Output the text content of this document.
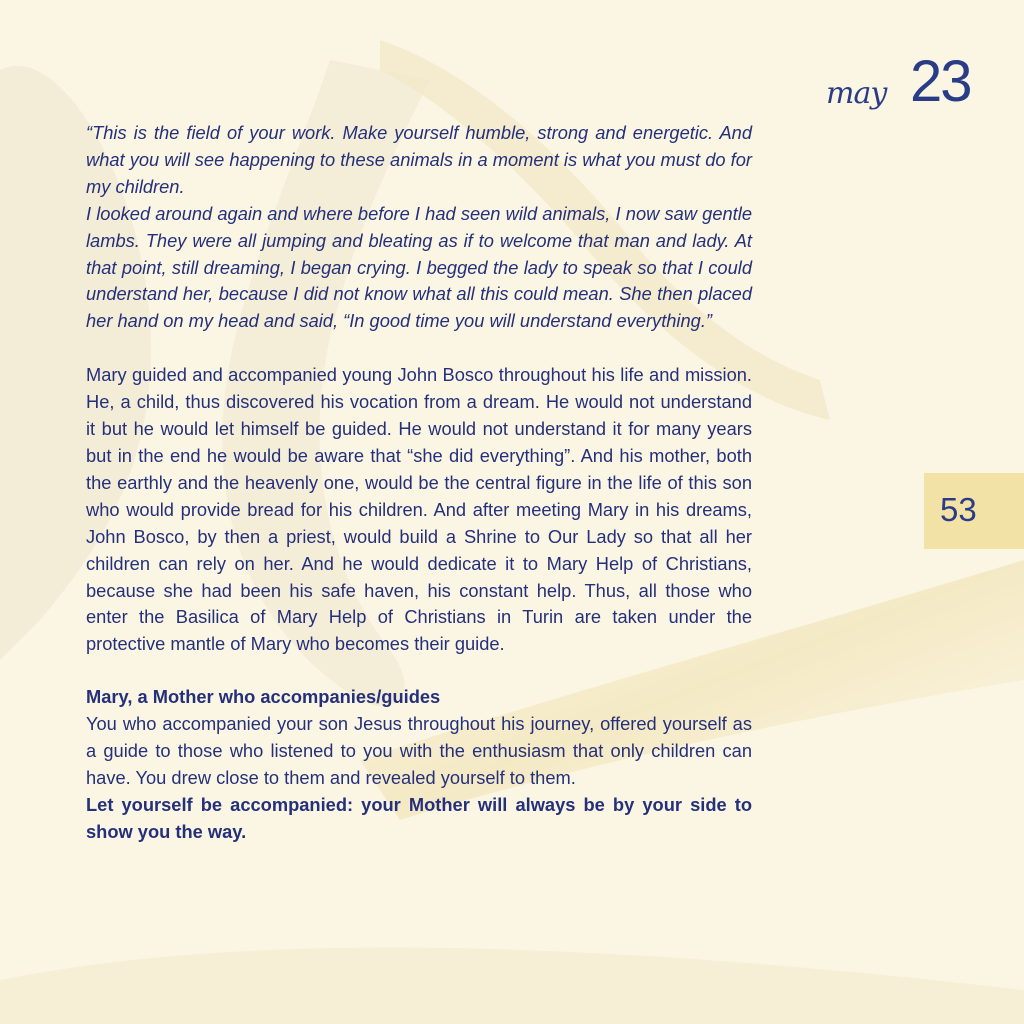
may 23
53

“This is the field of your work. Make yourself humble, strong and energetic. And what you will see happening to these animals in a moment is what you must do for my children.

I looked around again and where before I had seen wild animals, I now saw gentle lambs. They were all jumping and bleating as if to welcome that man and lady. At that point, still dreaming, I began crying. I begged the lady to speak so that I could understand her, because I did not know what all this could mean. She then placed her hand on my head and said, “In good time you will understand everything.”

Mary guided and accompanied young John Bosco throughout his life and mission. He, a child, thus discovered his vocation from a dream. He would not understand it but he would let himself be guided. He would not understand it for many years but in the end he would be aware that “she did everything”. And his mother, both the earthly and the heavenly one, would be the central figure in the life of this son who would provide bread for his children. And after meeting Mary in his dreams, John Bosco, by then a priest, would build a Shrine to Our Lady so that all her children can rely on her. And he would dedicate it to Mary Help of Christians, because she had been his safe haven, his constant help. Thus, all those who enter the Basilica of Mary Help of Christians in Turin are taken under the protective mantle of Mary who becomes their guide.

Mary, a Mother who accompanies/guides

You who accompanied your son Jesus throughout his journey, offered yourself as a guide to those who listened to you with the enthusiasm that only children can have. You drew close to them and revealed yourself to them.

Let yourself be accompanied: your Mother will always be by your side to show you the way.
